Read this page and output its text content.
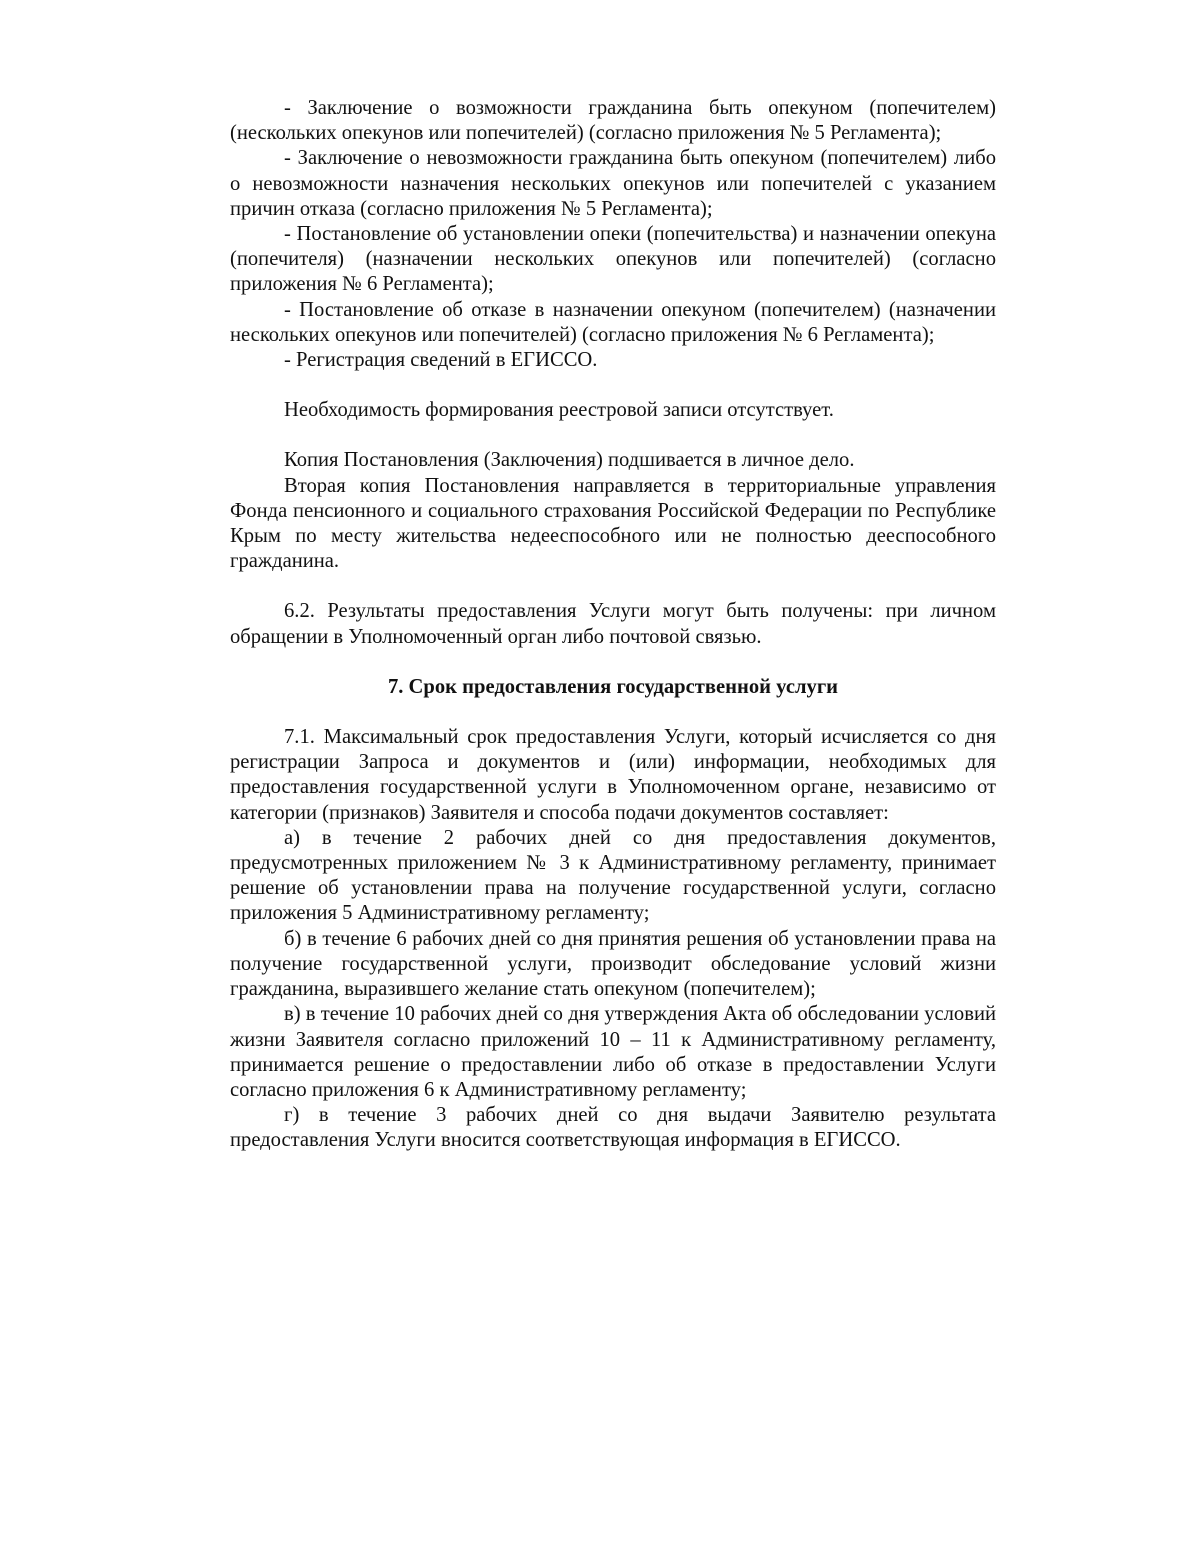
- Заключение о возможности гражданина быть опекуном (попечителем) (нескольких опекунов или попечителей) (согласно приложения № 5 Регламента);

- Заключение о невозможности гражданина быть опекуном (попечителем) либо о невозможности назначения нескольких опекунов или попечителей с указанием причин отказа (согласно приложения № 5 Регламента);

- Постановление об установлении опеки (попечительства) и назначении опекуна (попечителя) (назначении нескольких опекунов или попечителей) (согласно приложения № 6 Регламента);

- Постановление об отказе в назначении опекуном (попечителем) (назначении нескольких опекунов или попечителей) (согласно приложения № 6 Регламента);

- Регистрация сведений в ЕГИССО.

Необходимость формирования реестровой записи отсутствует.

Копия Постановления (Заключения) подшивается в личное дело.

Вторая копия Постановления направляется в территориальные управления Фонда пенсионного и социального страхования Российской Федерации по Республике Крым по месту жительства недееспособного или не полностью дееспособного гражданина.

6.2. Результаты предоставления Услуги могут быть получены: при личном обращении в Уполномоченный орган либо почтовой связью.

7. Срок предоставления государственной услуги

7.1. Максимальный срок предоставления Услуги, который исчисляется со дня регистрации Запроса и документов и (или) информации, необходимых для предоставления государственной услуги в Уполномоченном органе, независимо от категории (признаков) Заявителя и способа подачи документов составляет:

а) в течение 2 рабочих дней со дня предоставления документов, предусмотренных приложением № 3 к Административному регламенту, принимает решение об установлении права на получение государственной услуги, согласно приложения 5 Административному регламенту;

б) в течение 6 рабочих дней со дня принятия решения об установлении права на получение государственной услуги, производит обследование условий жизни гражданина, выразившего желание стать опекуном (попечителем);

в) в течение 10 рабочих дней со дня утверждения Акта об обследовании условий жизни Заявителя согласно приложений 10 – 11 к Административному регламенту, принимается решение о предоставлении либо об отказе в предоставлении Услуги согласно приложения 6 к Административному регламенту;

г) в течение 3 рабочих дней со дня выдачи Заявителю результата предоставления Услуги вносится соответствующая информация в ЕГИССО.
